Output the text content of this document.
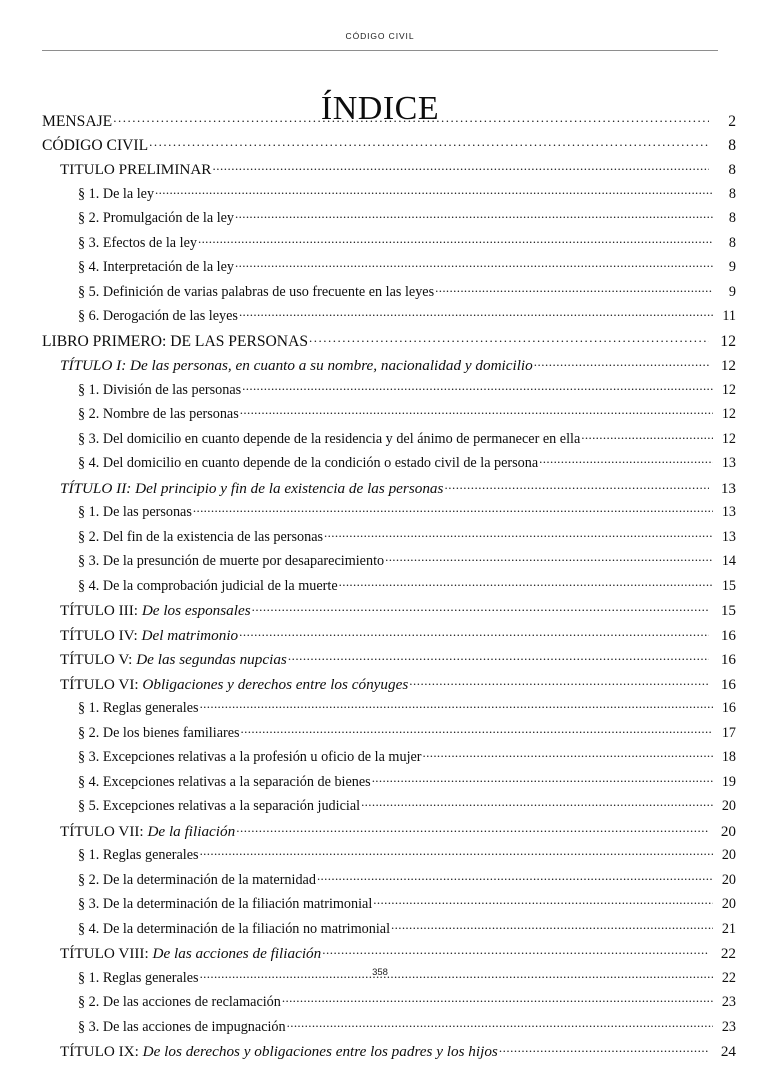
CÓDIGO CIVIL
ÍNDICE
MENSAJE .....	2
CÓDIGO CIVIL .....	8
TITULO PRELIMINAR .....	8
§ 1. De la ley .....	8
§ 2. Promulgación de la ley .....	8
§ 3. Efectos de la ley .....	8
§ 4. Interpretación de la ley .....	9
§ 5. Definición de varias palabras de uso frecuente en las leyes .....	9
§ 6. Derogación de las leyes .....	11
LIBRO PRIMERO: DE LAS PERSONAS .....	12
TÍTULO I: De las personas, en cuanto a su nombre, nacionalidad y domicilio .....	12
§ 1. División de las personas .....	12
§ 2. Nombre de las personas .....	12
§ 3. Del domicilio en cuanto depende de la residencia y del ánimo de permanecer en ella .....	12
§ 4. Del domicilio en cuanto depende de la condición o estado civil de la persona .....	13
TÍTULO II: Del principio y fin de la existencia de las personas .....	13
§ 1. De las personas .....	13
§ 2. Del fin de la existencia de las personas .....	13
§ 3. De la presunción de muerte por desaparecimiento .....	14
§ 4. De la comprobación judicial de la muerte .....	15
TÍTULO III: De los esponsales .....	15
TÍTULO IV: Del matrimonio .....	16
TÍTULO V: De las segundas nupcias .....	16
TÍTULO VI: Obligaciones y derechos entre los cónyuges .....	16
§ 1. Reglas generales .....	16
§ 2. De los bienes familiares .....	17
§ 3. Excepciones relativas a la profesión u oficio de la mujer .....	18
§ 4. Excepciones relativas a la separación de bienes .....	19
§ 5. Excepciones relativas a la separación judicial .....	20
TÍTULO VII: De la filiación .....	20
§ 1. Reglas generales .....	20
§ 2. De la determinación de la maternidad .....	20
§ 3. De la determinación de la filiación matrimonial .....	20
§ 4. De la determinación de la filiación no matrimonial .....	21
TÍTULO VIII: De las acciones de filiación .....	22
§ 1. Reglas generales .....	22
§ 2. De las acciones de reclamación .....	23
§ 3. De las acciones de impugnación .....	23
TÍTULO IX: De los derechos y obligaciones entre los padres y los hijos .....	24
358
